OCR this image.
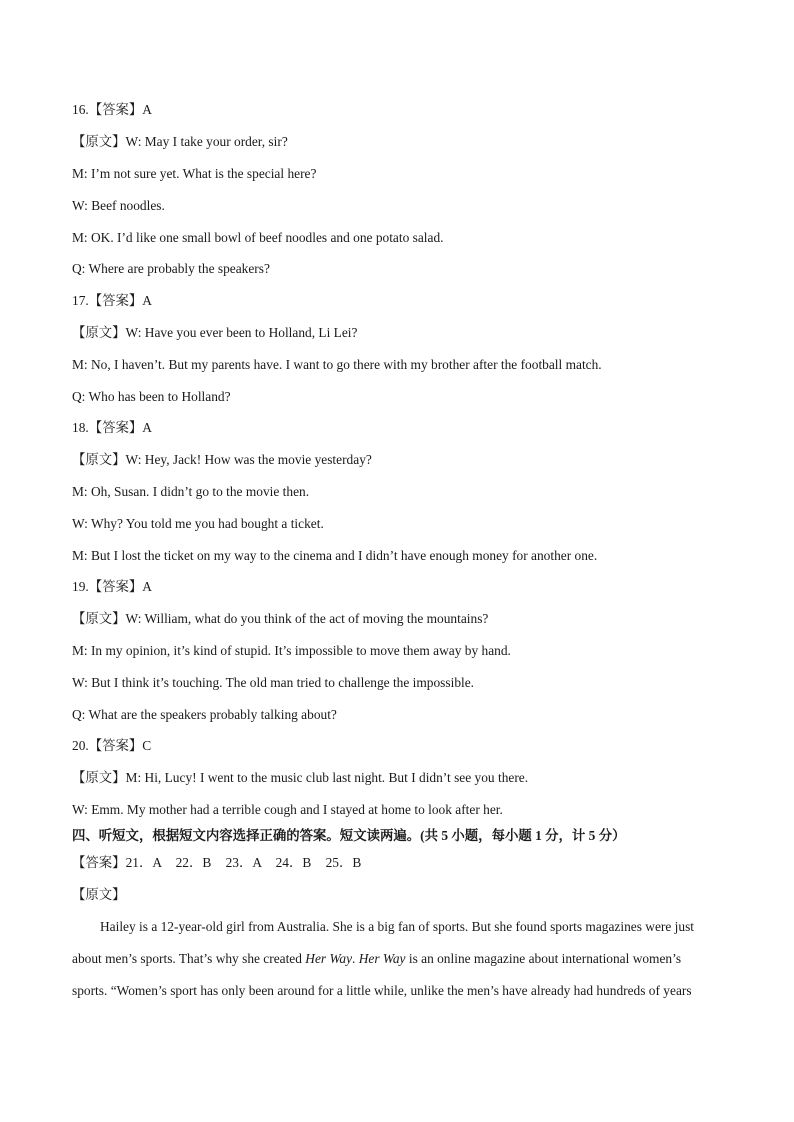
16.【答案】A
【原文】W: May I take your order, sir?
M: I’m not sure yet. What is the special here?
W: Beef noodles.
M: OK. I’d like one small bowl of beef noodles and one potato salad.
Q: Where are probably the speakers?
17.【答案】A
【原文】W: Have you ever been to Holland, Li Lei?
M: No, I haven’t. But my parents have. I want to go there with my brother after the football match.
Q: Who has been to Holland?
18.【答案】A
【原文】W: Hey, Jack! How was the movie yesterday?
M: Oh, Susan. I didn’t go to the movie then.
W: Why? You told me you had bought a ticket.
M: But I lost the ticket on my way to the cinema and I didn’t have enough money for another one.
19.【答案】A
【原文】W: William, what do you think of the act of moving the mountains?
M: In my opinion, it’s kind of stupid. It’s impossible to move them away by hand.
W: But I think it’s touching. The old man tried to challenge the impossible.
Q: What are the speakers probably talking about?
20.【答案】C
【原文】M: Hi, Lucy! I went to the music club last night. But I didn’t see you there.
W: Emm. My mother had a terrible cough and I stayed at home to look after her.
四、听短文，根据短文内容选择正确的答案。短文读两遍。(共 5 小题，每小题 1 分，计 5 分）
【答案】21．A 22．B 23．A 24．B 25．B
【原文】
Hailey is a 12-year-old girl from Australia. She is a big fan of sports. But she found sports magazines were just
about men’s sports. That’s why she created Her Way. Her Way is an online magazine about international women’s
sports. “Women’s sport has only been around for a little while, unlike the men’s have already had hundreds of years
